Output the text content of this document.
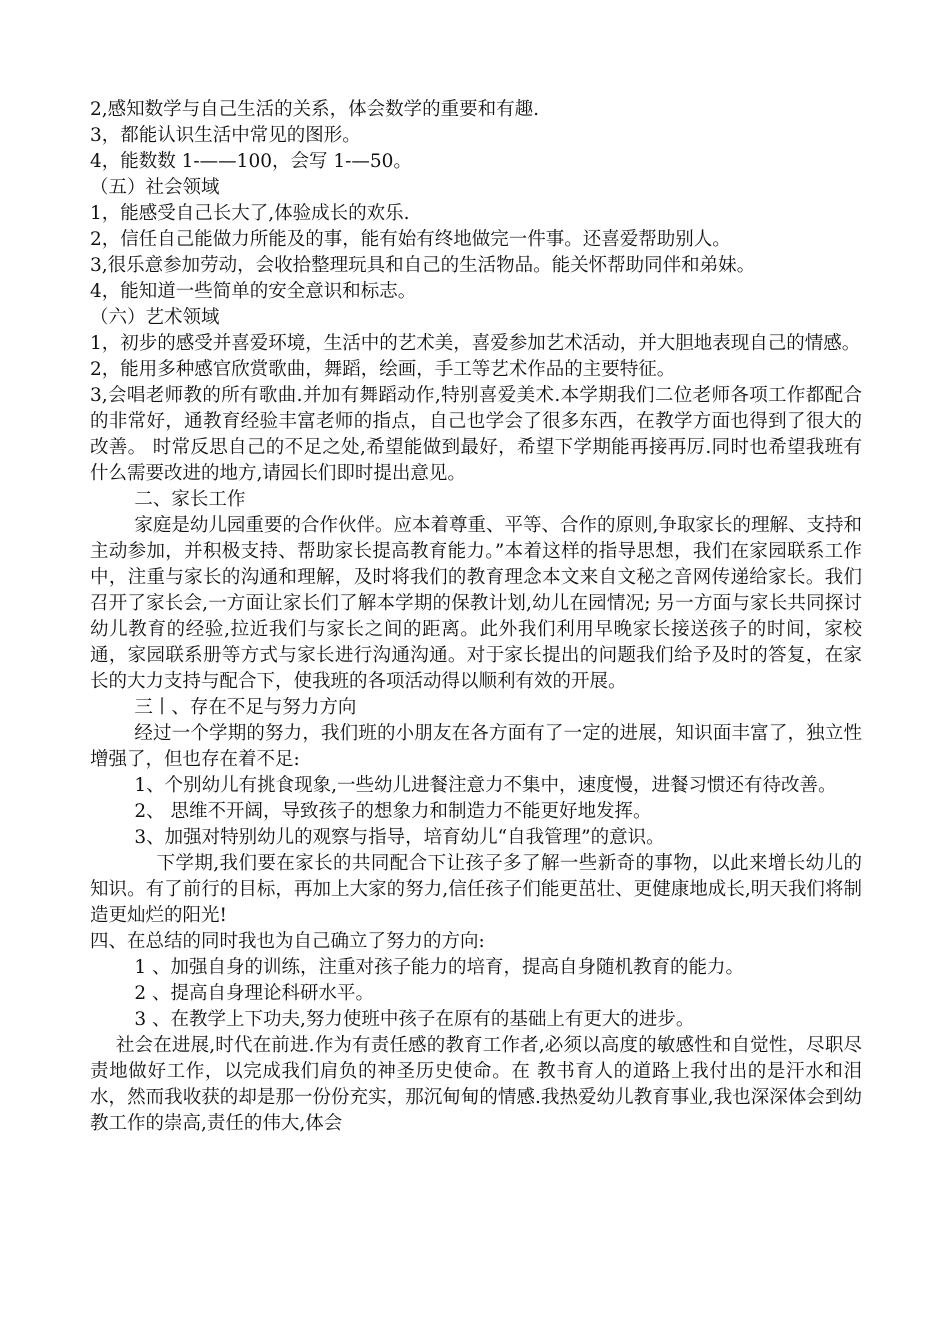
2,感知数学与自己生活的关系，体会数学的重要和有趣.

3，都能认识生活中常见的图形。

4，能数数 1-——100，会写 1-—50。

（五）社会领域

1，能感受自己长大了,体验成长的欢乐.

2，信任自己能做力所能及的事，能有始有终地做完一件事。还喜爱帮助别人。

3,很乐意参加劳动，会收拾整理玩具和自己的生活物品。能关怀帮助同伴和弟妹。

4，能知道一些简单的安全意识和标志。

（六）艺术领域

1，初步的感受并喜爱环境，生活中的艺术美，喜爱参加艺术活动，并大胆地表现自己的情感。

2，能用多种感官欣赏歌曲，舞蹈，绘画，手工等艺术作品的主要特征。

3,会唱老师教的所有歌曲.并加有舞蹈动作,特别喜爱美术.本学期我们二位老师各项工作都配合的非常好，通教育经验丰富老师的指点，自己也学会了很多东西，在教学方面也得到了很大的改善。 时常反思自己的不足之处,希望能做到最好，希望下学期能再接再厉.同时也希望我班有什么需要改进的地方,请园长们即时提出意见。

二、家长工作

家庭是幼儿园重要的合作伙伴。应本着尊重、平等、合作的原则,争取家长的理解、支持和主动参加，并积极支持、帮助家长提高教育能力。”本着这样的指导思想，我们在家园联系工作中，注重与家长的沟通和理解，及时将我们的教育理念本文来自文秘之音网传递给家长。我们召开了家长会,一方面让家长们了解本学期的保教计划,幼儿在园情况; 另一方面与家长共同探讨幼儿教育的经验,拉近我们与家长之间的距离。此外我们利用早晚家长接送孩子的时间，家校通，家园联系册等方式与家长进行沟通沟通。对于家长提出的问题我们给予及时的答复，在家长的大力支持与配合下，使我班的各项活动得以顺利有效的开展。

三丨、存在不足与努力方向

经过一个学期的努力，我们班的小朋友在各方面有了一定的进展，知识面丰富了，独立性增强了，但也存在着不足:

1、个别幼儿有挑食现象,一些幼儿进餐注意力不集中，速度慢，进餐习惯还有待改善。

2、 思维不开阔，导致孩子的想象力和制造力不能更好地发挥。

3、加强对特别幼儿的观察与指导，培育幼儿“自我管理”的意识。

下学期,我们要在家长的共同配合下让孩子多了解一些新奇的事物，以此来增长幼儿的知识。有了前行的目标，再加上大家的努力,信任孩子们能更茁壮、更健康地成长,明天我们将制造更灿烂的阳光!

四、在总结的同时我也为自己确立了努力的方向:

1 、加强自身的训练，注重对孩子能力的培育，提高自身随机教育的能力。

2 、提高自身理论科研水平。

3 、在教学上下功夫,努力使班中孩子在原有的基础上有更大的进步。

社会在进展,时代在前进.作为有责任感的教育工作者,必须以高度的敏感性和自觉性，尽职尽责地做好工作，以完成我们肩负的神圣历史使命。在 教书育人的道路上我付出的是汗水和泪水，然而我收获的却是那一份份充实，那沉甸甸的情感.我热爱幼儿教育事业,我也深深体会到幼教工作的崇高,责任的伟大,体会
